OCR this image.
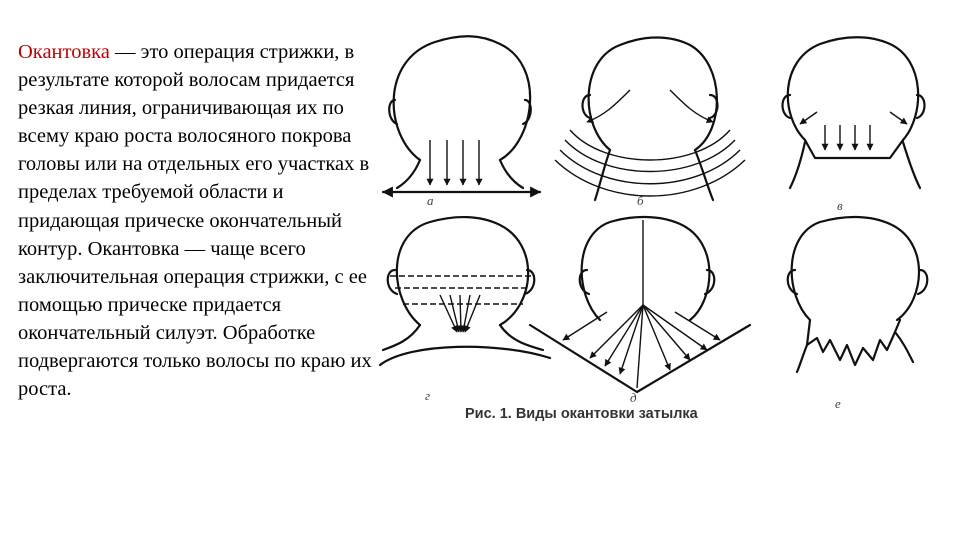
Окантовка — это операция стрижки, в результате которой волосам придается резкая линия, ограничивающая их по всему краю роста волосяного покрова головы или на отдельных его участках в пределах требуемой области и придающая прическе окончательный контур. Окантовка — чаще всего заключительная операция стрижки, с ее помощью прическе придается окончательный силуэт. Обработке подвергаются только волосы по краю их роста.
а	б	в
г	д	е
Рис. 1. Виды окантовки затылка
